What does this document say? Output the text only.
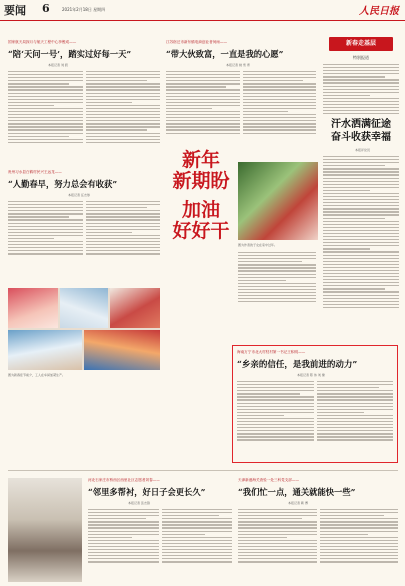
要闻 6	2021年2月18日 星期四	人民日报
国家航天局探月与航天工程中心李俊成——
“陪‘天问一号’，踏实过好每一天”
本报记者 刘 毅
江苏宿迁市新东镇电商创业者何雨——
“带大伙致富，一直是我的心愿”
本报记者 姚 雪 青
新春走基层
特别报道
汗水洒满征途
奋斗收获幸福
本报评论员
贵州习水县白鹤村民兴王远龙——
“人勤春早，努力总会有收获”
本报记者 汪志球
图为新春佳节前夕，工人在车间加紧生产。
新年
新期盼
加油
好好干
图为作者的子女在家中过年。
海南万宁市北大村驻村第一书记王积明——
“乡亲的信任，是我前进的动力”
本报记者 陈 伟 刘 健
河北石家庄市桥西区西里社区志愿者刘春——
“邻里多帮衬，好日子会更长久”
本报记者 张志锋
天津新港海关查验一处三科党支部——
“我们忙一点，通关就能快一些”
本报记者 靳 博
